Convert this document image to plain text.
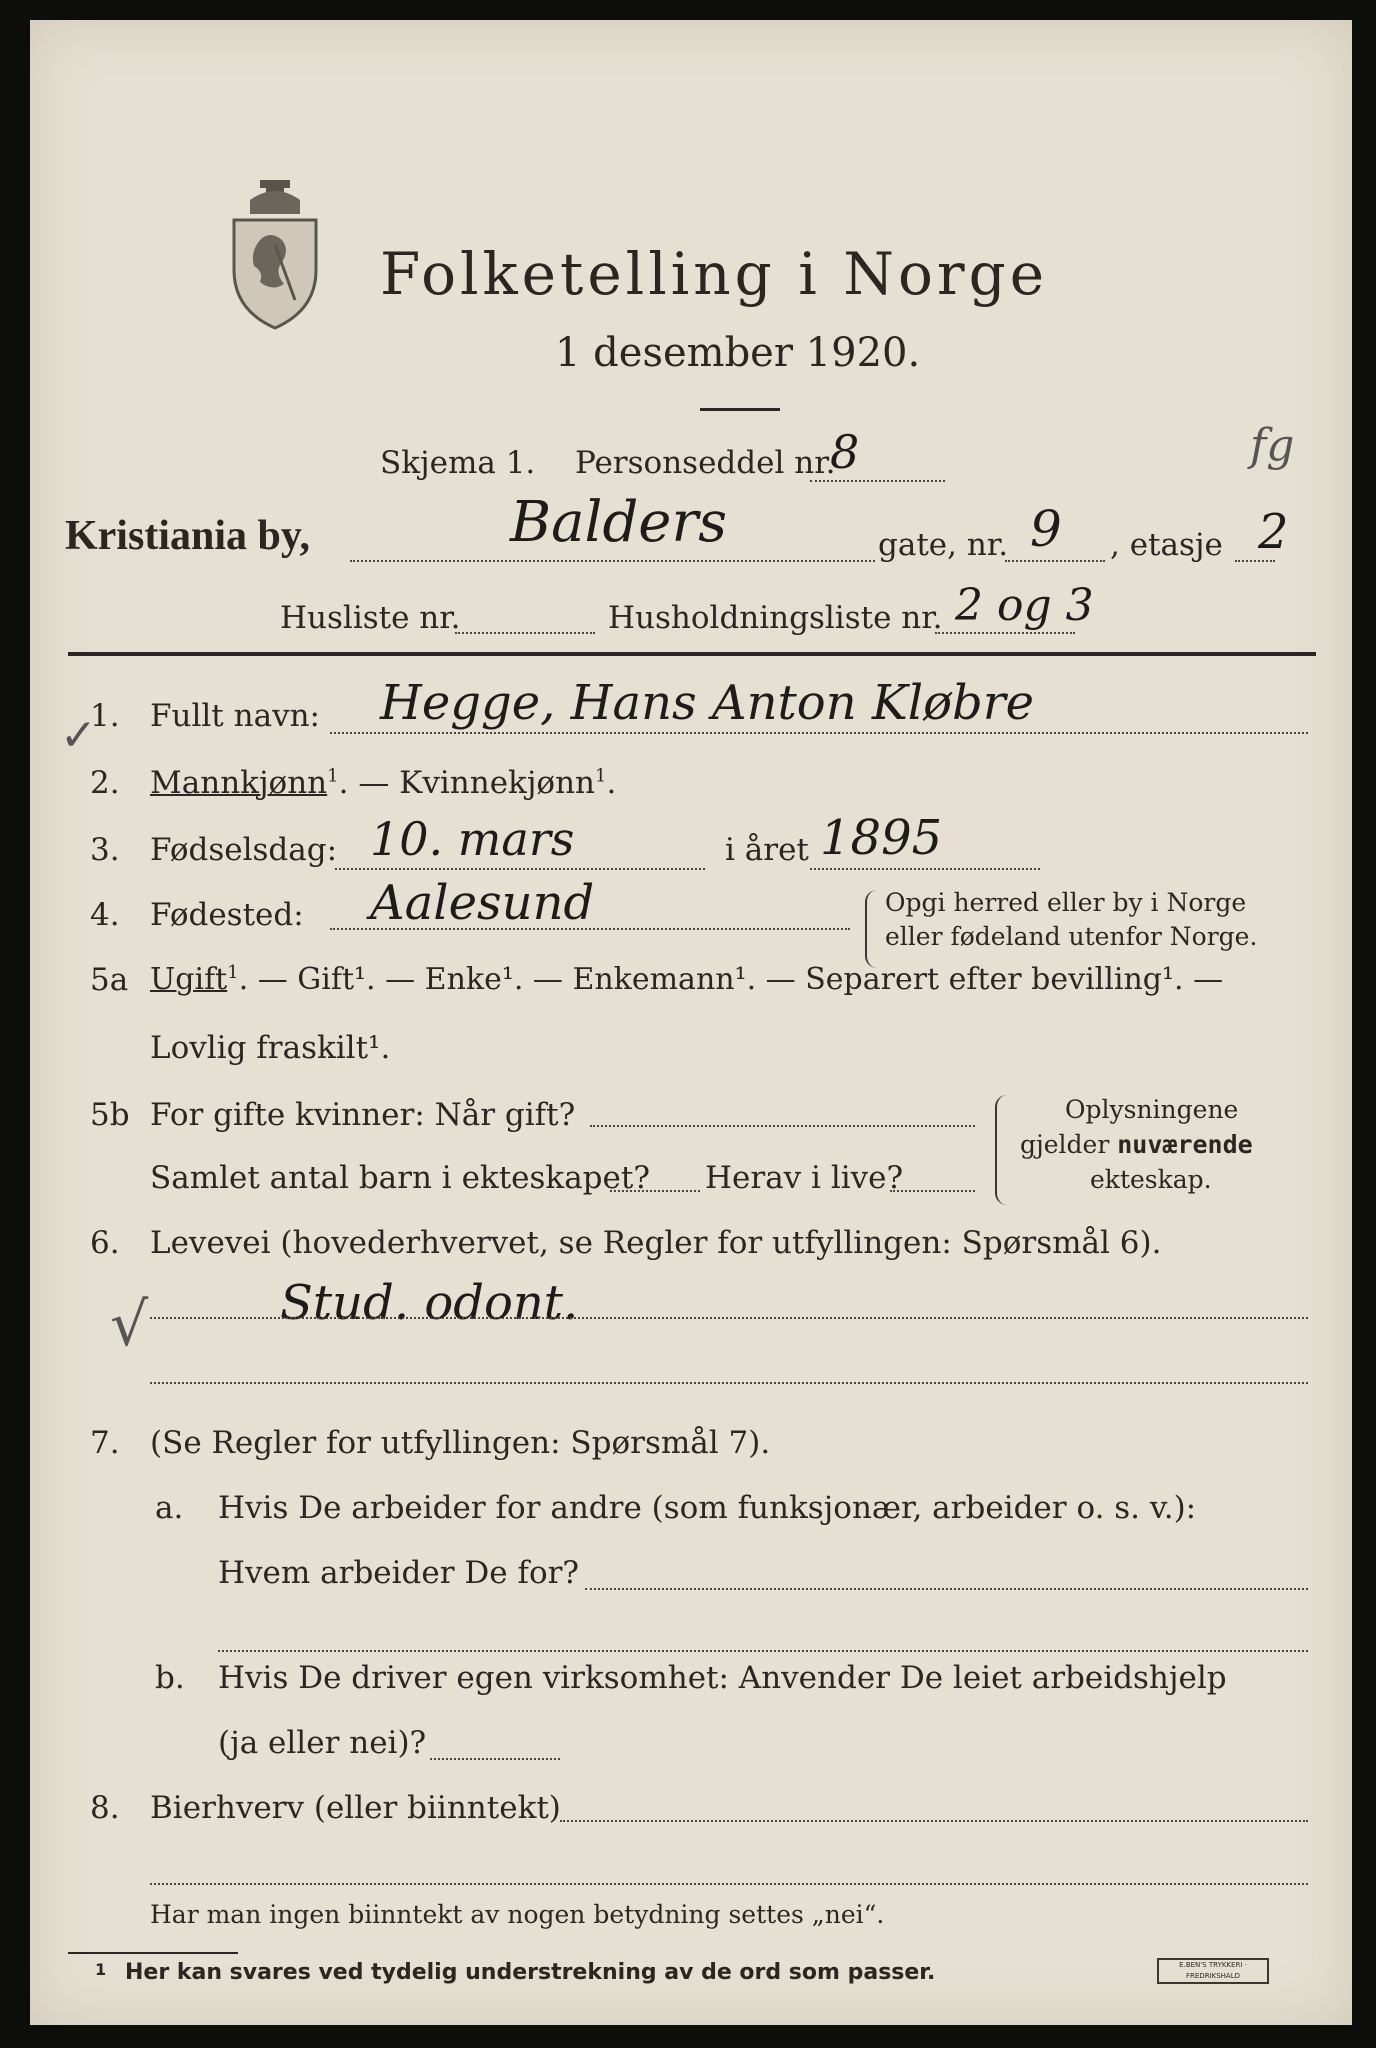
Folketelling i Norge
1 desember 1920.
Skjema 1. Personseddel nr.
8	fg
Kristiania by,	Balders	gate, nr. 9 , etasje 2
Husliste nr.	Husholdningsliste nr. 2 og 3
✓
1. Fullt navn: Hegge, Hans Anton Kløbre
2. Mannkjønn$^1$. — Kvinnekjønn$^1$.
3. Fødselsdag: 10. mars	i året 1895
4. Fødested: Aalesund	Opgi herred eller by i Norge
eller fødeland utenfor Norge.
5a Ugift$^1$. — Gift¹. — Enke¹. — Enkemann¹. — Separert efter bevilling¹. —
Lovlig fraskilt¹.
5b For gifte kvinner: Når gift?
Samlet antal barn i ekteskapet? Herav i live?
Oplysningene
gjelder nuværende
ekteskap.
6. Levevei (hovederhvervet, se Regler for utfyllingen: Spørsmål 6).
√	Stud. odont.
7. (Se Regler for utfyllingen: Spørsmål 7).
a. Hvis De arbeider for andre (som funksjonær, arbeider o. s. v.):
Hvem arbeider De for?
b. Hvis De driver egen virksomhet: Anvender De leiet arbeidshjelp
(ja eller nei)?
8. Bierhverv (eller biinntekt)
Har man ingen biinntekt av nogen betydning settes „nei“.
1 Her kan svares ved tydelig understrekning av de ord som passer.	E.BEN'S TRYKKERI · FREDRIKSHALD
